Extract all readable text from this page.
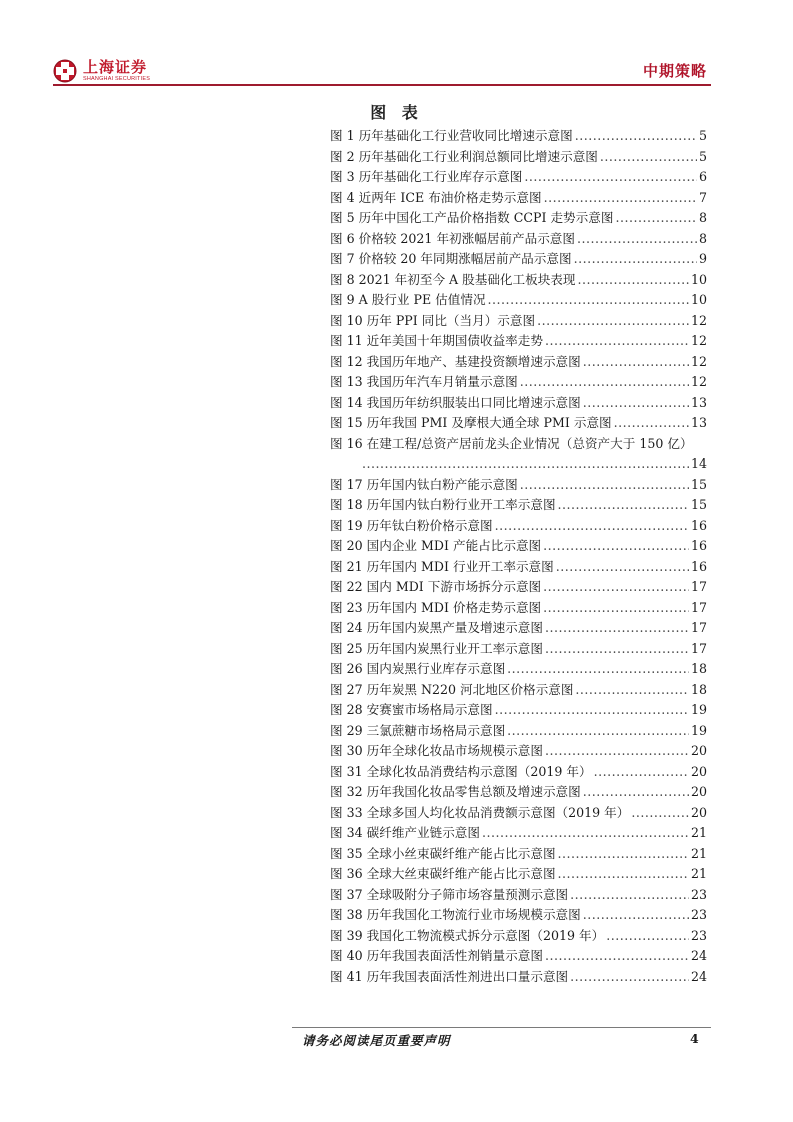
上海证券
SHANGHAI SECURITIES	中期策略
图 表
图 1 历年基础化工行业营收同比增速示意图 .....	5
图 2 历年基础化工行业利润总额同比增速示意图 .....	5
图 3 历年基础化工行业库存示意图 .....	6
图 4 近两年 ICE 布油价格走势示意图 .....	7
图 5 历年中国化工产品价格指数 CCPI 走势示意图 .....	8
图 6 价格较 2021 年初涨幅居前产品示意图 .....	8
图 7 价格较 20 年同期涨幅居前产品示意图 .....	9
图 8 2021 年初至今 A 股基础化工板块表现 .....	10
图 9 A 股行业 PE 估值情况 .....	10
图 10 历年 PPI 同比（当月）示意图 .....	12
图 11 近年美国十年期国债收益率走势 .....	12
图 12 我国历年地产、基建投资额增速示意图 .....	12
图 13 我国历年汽车月销量示意图 .....	12
图 14 我国历年纺织服装出口同比增速示意图 .....	13
图 15 历年我国 PMI 及摩根大通全球 PMI 示意图 .....	13
图 16 在建工程/总资产居前龙头企业情况（总资产大于 150 亿）
.....
14
图 17 历年国内钛白粉产能示意图 .....	15
图 18 历年国内钛白粉行业开工率示意图 .....	15
图 19 历年钛白粉价格示意图 .....	16
图 20 国内企业 MDI 产能占比示意图 .....	16
图 21 历年国内 MDI 行业开工率示意图 .....	16
图 22 国内 MDI 下游市场拆分示意图 .....	17
图 23 历年国内 MDI 价格走势示意图 .....	17
图 24 历年国内炭黑产量及增速示意图 .....	17
图 25 历年国内炭黑行业开工率示意图 .....	17
图 26 国内炭黑行业库存示意图 .....	18
图 27 历年炭黑 N220 河北地区价格示意图 .....	18
图 28 安赛蜜市场格局示意图 .....	19
图 29 三氯蔗糖市场格局示意图 .....	19
图 30 历年全球化妆品市场规模示意图 .....	20
图 31 全球化妆品消费结构示意图（2019 年） .....	20
图 32 历年我国化妆品零售总额及增速示意图 .....	20
图 33 全球多国人均化妆品消费额示意图（2019 年） .....	20
图 34 碳纤维产业链示意图 .....	21
图 35 全球小丝束碳纤维产能占比示意图 .....	21
图 36 全球大丝束碳纤维产能占比示意图 .....	21
图 37 全球吸附分子筛市场容量预测示意图 .....	23
图 38 历年我国化工物流行业市场规模示意图 .....	23
图 39 我国化工物流模式拆分示意图（2019 年） .....	23
图 40 历年我国表面活性剂销量示意图 .....	24
图 41 历年我国表面活性剂进出口量示意图 .....	24
请务必阅读尾页重要声明	4
